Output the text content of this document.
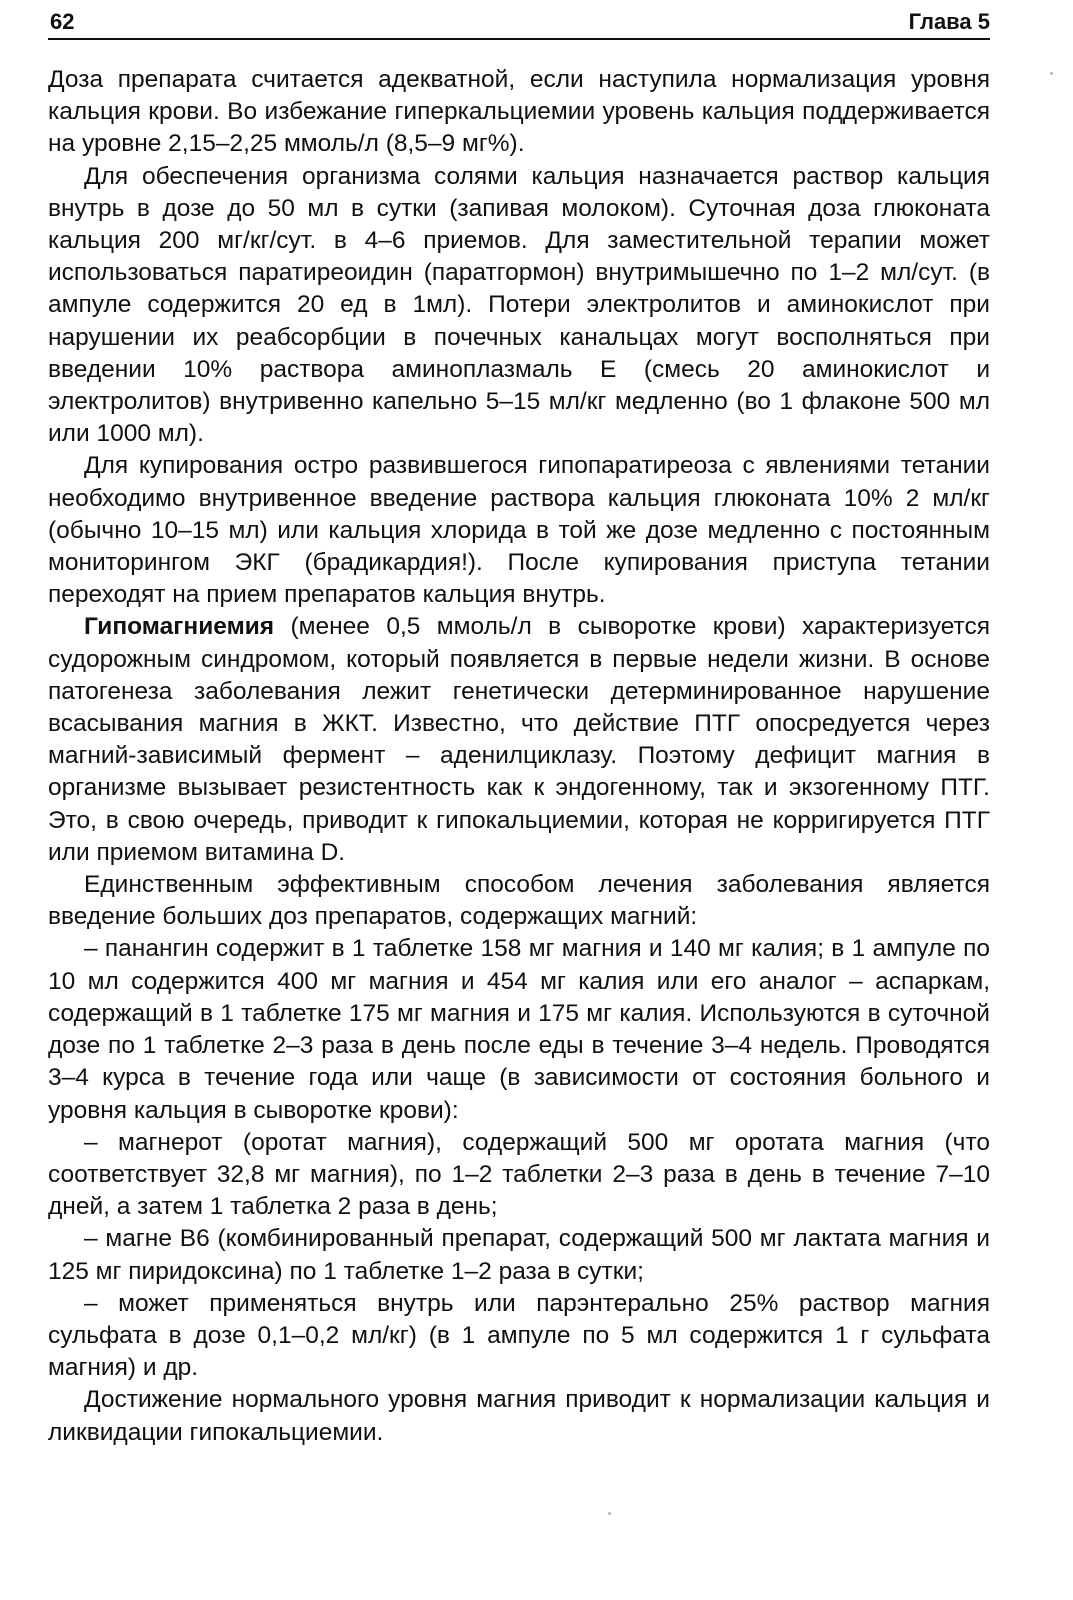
62	Глава 5

Доза препарата считается адекватной, если наступила нормализация уровня кальция крови. Во избежание гиперкальциемии уровень кальция поддерживается на уровне 2,15–2,25 ммоль/л (8,5–9 мг%).

Для обеспечения организма солями кальция назначается раствор кальция внутрь в дозе до 50 мл в сутки (запивая молоком). Суточная доза глюконата кальция 200 мг/кг/сут. в 4–6 приемов. Для заместительной терапии может использоваться паратиреоидин (паратгормон) внутримышечно по 1–2 мл/сут. (в ампуле содержится 20 ед в 1мл). Потери электролитов и аминокислот при нарушении их реабсорбции в почечных канальцах могут восполняться при введении 10% раствора аминоплазмаль E (смесь 20 аминокислот и электролитов) внутривенно капельно 5–15 мл/кг медленно (во 1 флаконе 500 мл или 1000 мл).

Для купирования остро развившегося гипопаратиреоза с явлениями тетании необходимо внутривенное введение раствора кальция глюконата 10% 2 мл/кг (обычно 10–15 мл) или кальция хлорида в той же дозе медленно с постоянным мониторингом ЭКГ (брадикардия!). После купирования приступа тетании переходят на прием препаратов кальция внутрь.

Гипомагниемия (менее 0,5 ммоль/л в сыворотке крови) характеризуется судорожным синдромом, который появляется в первые недели жизни. В основе патогенеза заболевания лежит генетически детерминированное нарушение всасывания магния в ЖКТ. Известно, что действие ПТГ опосредуется через магний-зависимый фермент – аденилциклазу. Поэтому дефицит магния в организме вызывает резистентность как к эндогенному, так и экзогенному ПТГ. Это, в свою очередь, приводит к гипокальциемии, которая не корригируется ПТГ или приемом витамина D.

Единственным эффективным способом лечения заболевания является введение больших доз препаратов, содержащих магний:

– панангин содержит в 1 таблетке 158 мг магния и 140 мг калия; в 1 ампуле по 10 мл содержится 400 мг магния и 454 мг калия или его аналог – аспаркам, содержащий в 1 таблетке 175 мг магния и 175 мг калия. Используются в суточной дозе по 1 таблетке 2–3 раза в день после еды в течение 3–4 недель. Проводятся 3–4 курса в течение года или чаще (в зависимости от состояния больного и уровня кальция в сыворотке крови):

– магнерот (оротат магния), содержащий 500 мг оротата магния (что соответствует 32,8 мг магния), по 1–2 таблетки 2–3 раза в день в течение 7–10 дней, а затем 1 таблетка 2 раза в день;

– магне B6 (комбинированный препарат, содержащий 500 мг лактата магния и 125 мг пиридоксина) по 1 таблетке 1–2 раза в сутки;

– может применяться внутрь или парэнтерально 25% раствор магния сульфата в дозе 0,1–0,2 мл/кг) (в 1 ампуле по 5 мл содержится 1 г сульфата магния) и др.

Достижение нормального уровня магния приводит к нормализации кальция и ликвидации гипокальциемии.
